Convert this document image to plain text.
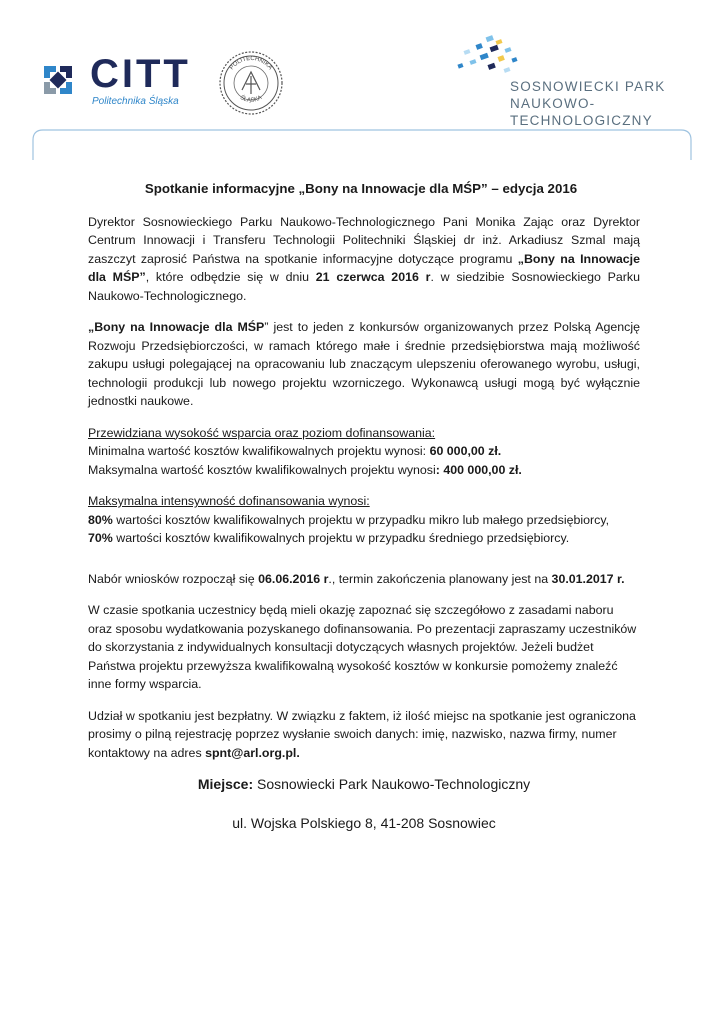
CITT
Politechnika Śląska
POLITECHNIKA
ŚLĄSKA
SOSNOWIECKI PARK
NAUKOWO-TECHNOLOGICZNY
Spotkanie informacyjne „Bony na Innowacje dla MŚP” – edycja 2016

Dyrektor Sosnowieckiego Parku Naukowo-Technologicznego Pani Monika Zając oraz Dyrektor Centrum Innowacji i Transferu Technologii Politechniki Śląskiej dr inż. Arkadiusz Szmal mają zaszczyt zaprosić Państwa na spotkanie informacyjne dotyczące programu „Bony na Innowacje dla MŚP”, które odbędzie się w dniu 21 czerwca 2016 r. w siedzibie Sosnowieckiego Parku Naukowo-Technologicznego.

„Bony na Innowacje dla MŚP” jest to jeden z konkursów organizowanych przez Polską Agencję Rozwoju Przedsiębiorczości, w ramach którego małe i średnie przedsiębiorstwa mają możliwość zakupu usługi polegającej na opracowaniu lub znaczącym ulepszeniu oferowanego wyrobu, usługi, technologii produkcji lub nowego projektu wzorniczego. Wykonawcą usługi mogą być wyłącznie jednostki naukowe.

Przewidziana wysokość wsparcia oraz poziom dofinansowania:
Minimalna wartość kosztów kwalifikowalnych projektu wynosi: 60 000,00 zł.
Maksymalna wartość kosztów kwalifikowalnych projektu wynosi: 400 000,00 zł.

Maksymalna intensywność dofinansowania wynosi:
80% wartości kosztów kwalifikowalnych projektu w przypadku mikro lub małego przedsiębiorcy,
70% wartości kosztów kwalifikowalnych projektu w przypadku średniego przedsiębiorcy.

Nabór wniosków rozpoczął się 06.06.2016 r., termin zakończenia planowany jest na 30.01.2017 r.

W czasie spotkania uczestnicy będą mieli okazję zapoznać się szczegółowo z zasadami naboru oraz sposobu wydatkowania pozyskanego dofinansowania. Po prezentacji zapraszamy uczestników do skorzystania z indywidualnych konsultacji dotyczących własnych projektów. Jeżeli budżet Państwa projektu przewyższa kwalifikowalną wysokość kosztów w konkursie pomożemy znaleźć inne formy wsparcia.

Udział w spotkaniu jest bezpłatny. W związku z faktem, iż ilość miejsc na spotkanie jest ograniczona prosimy o pilną rejestrację poprzez wysłanie swoich danych: imię, nazwisko, nazwa firmy, numer kontaktowy na adres spnt@arl.org.pl.

Miejsce: Sosnowiecki Park Naukowo-Technologiczny
ul. Wojska Polskiego 8, 41-208 Sosnowiec
